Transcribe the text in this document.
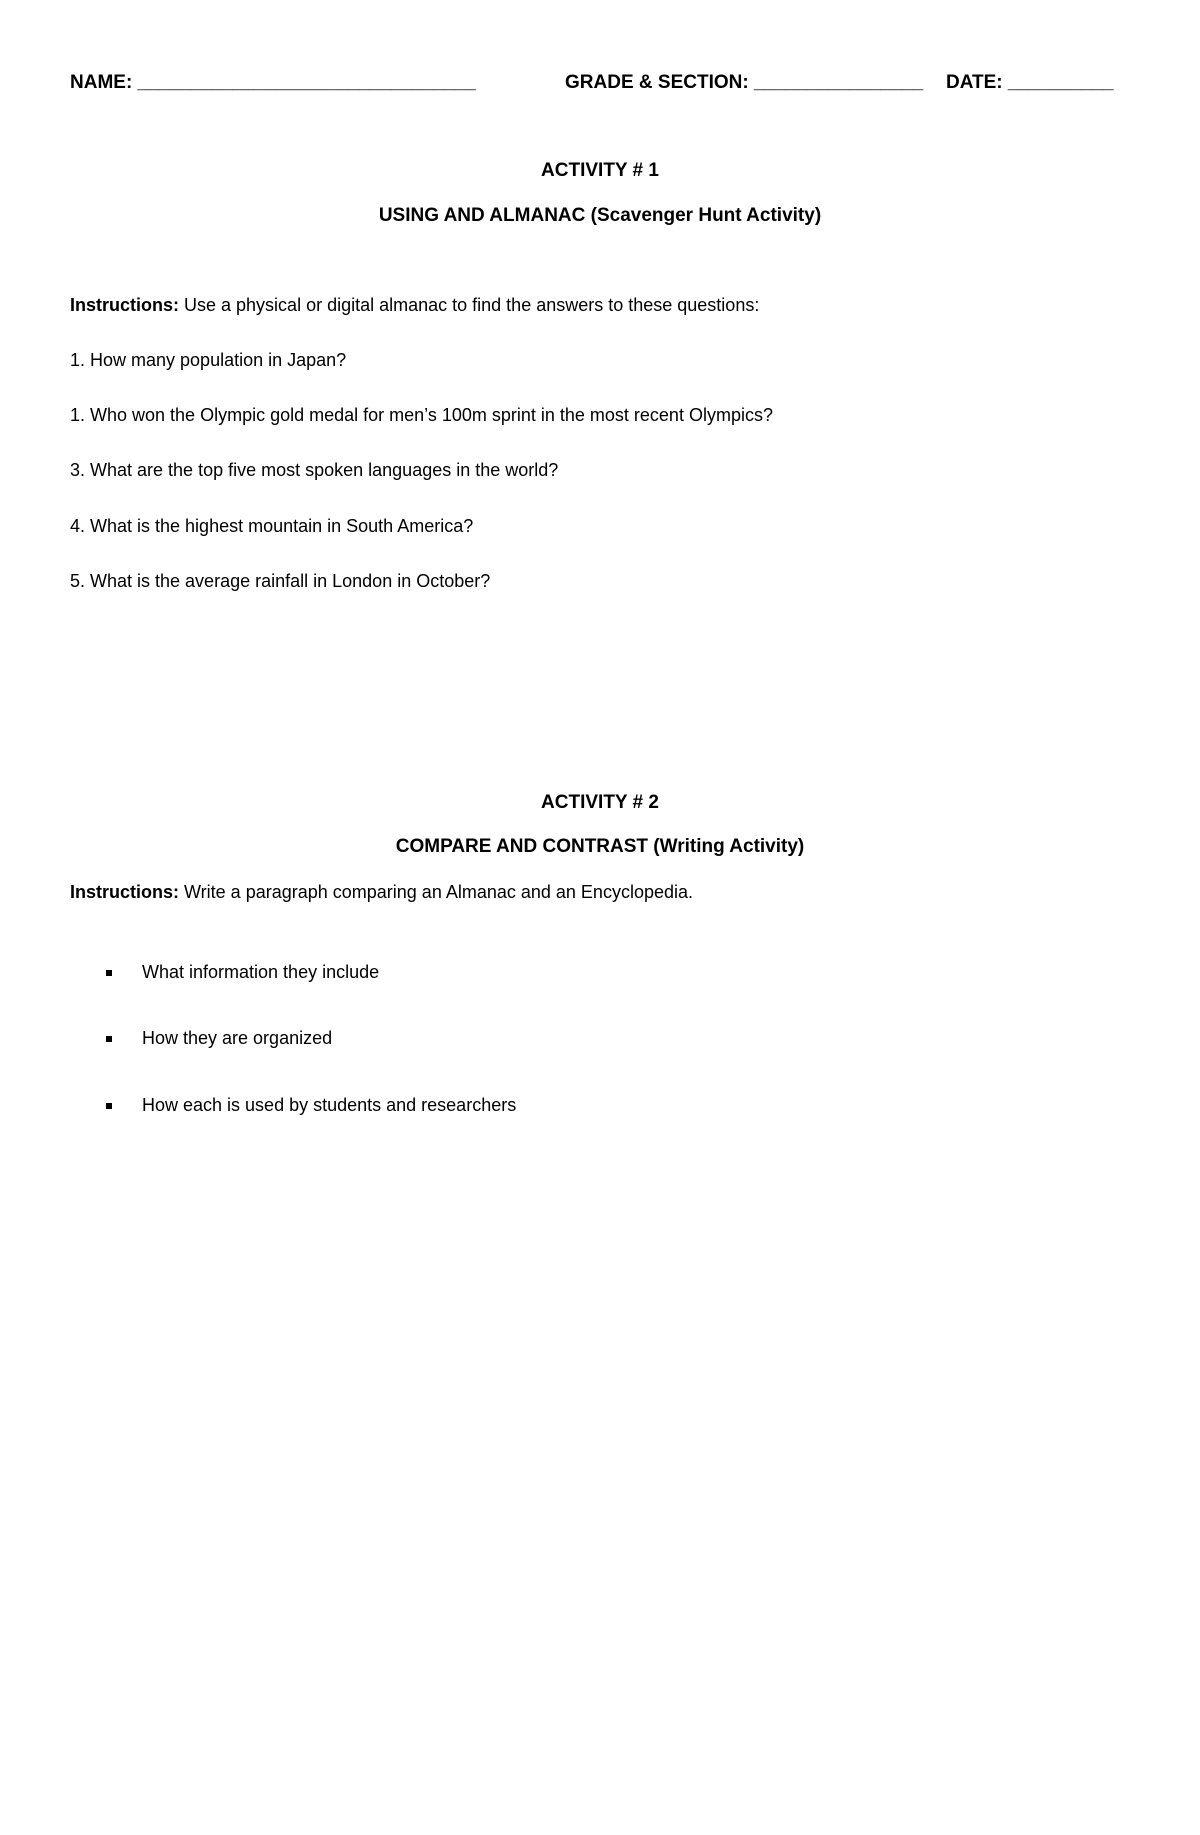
NAME: ________________________________	GRADE & SECTION: ________________ DATE: __________
ACTIVITY # 1
USING AND ALMANAC (Scavenger Hunt Activity)
Instructions: Use a physical or digital almanac to find the answers to these questions:
1. How many population in Japan?
1. Who won the Olympic gold medal for men’s 100m sprint in the most recent Olympics?
3. What are the top five most spoken languages in the world?
4. What is the highest mountain in South America?
5. What is the average rainfall in London in October?
ACTIVITY # 2
COMPARE AND CONTRAST (Writing Activity)
Instructions: Write a paragraph comparing an Almanac and an Encyclopedia.
What information they include
How they are organized
How each is used by students and researchers
